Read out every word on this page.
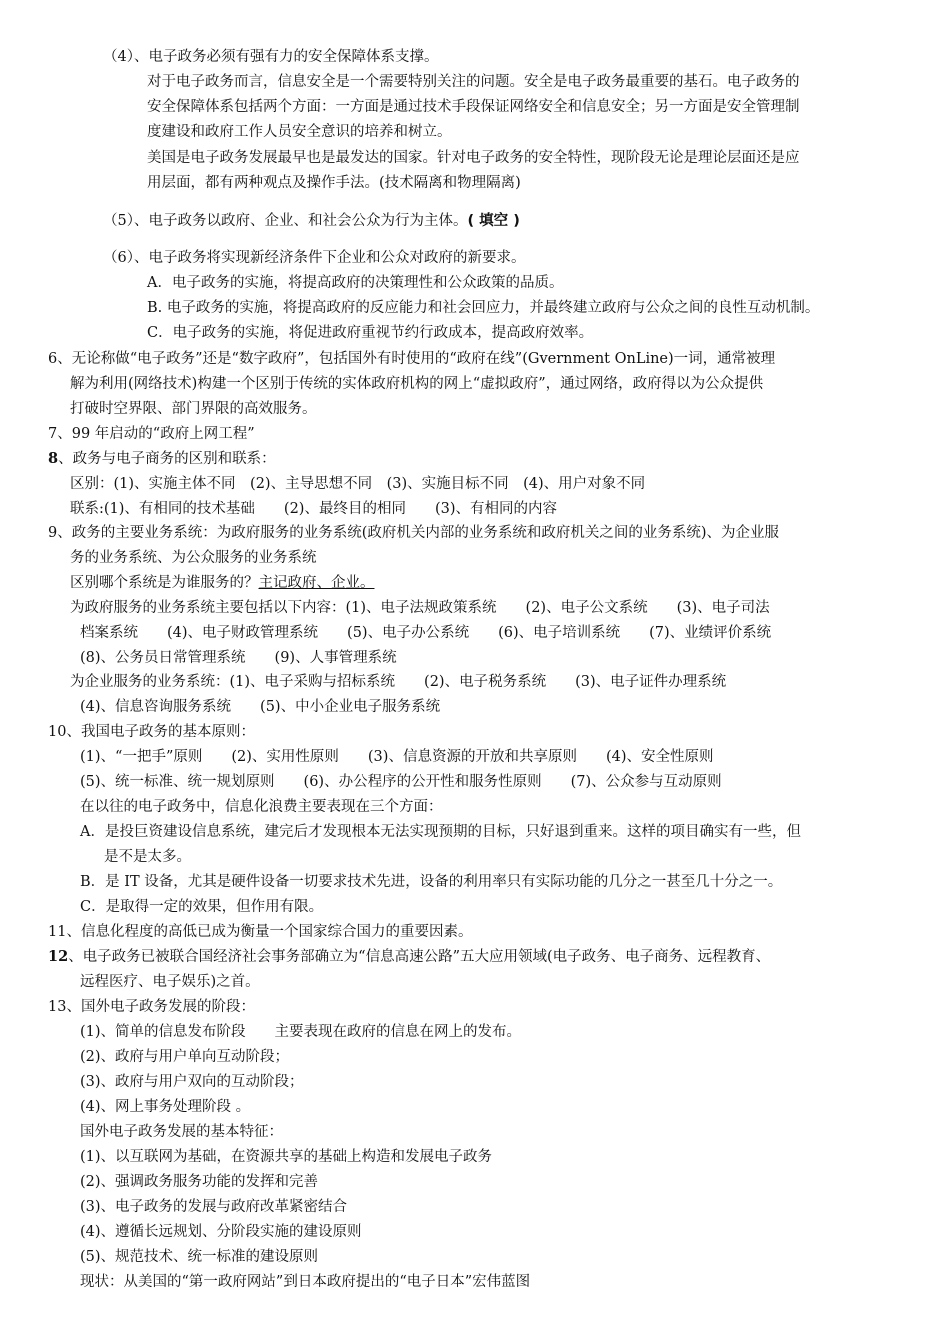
（4）、电子政务必须有强有力的安全保障体系支撑。
对于电子政务而言，信息安全是一个需要特别关注的问题。安全是电子政务最重要的基石。电子政务的
安全保障体系包括两个方面：一方面是通过技术手段保证网络安全和信息安全；另一方面是安全管理制
度建设和政府工作人员安全意识的培养和树立。
美国是电子政务发展最早也是最发达的国家。针对电子政务的安全特性，现阶段无论是理论层面还是应
用层面，都有两种观点及操作手法。(技术隔离和物理隔离)
（5）、电子政务以政府、企业、和社会公众为行为主体。( 填空 )
（6）、电子政务将实现新经济条件下企业和公众对政府的新要求。
A．电子政务的实施，将提高政府的决策理性和公众政策的品质。
B. 电子政务的实施，将提高政府的反应能力和社会回应力，并最终建立政府与公众之间的良性互动机制。
C．电子政务的实施，将促进政府重视节约行政成本，提高政府效率。
6、无论称做“电子政务”还是“数字政府”，包括国外有时使用的“政府在线”(Gvernment OnLine)一词，通常被理
解为利用(网络技术)构建一个区别于传统的实体政府机构的网上“虚拟政府”，通过网络，政府得以为公众提供
打破时空界限、部门界限的高效服务。
7、99 年启动的“政府上网工程”
8、政务与电子商务的区别和联系：
区别：(1)、实施主体不同　(2)、主导思想不同　(3)、实施目标不同　(4)、用户对象不同
联系:(1)、有相同的技术基础　　(2)、最终目的相同　　(3)、有相同的内容
9、政务的主要业务系统：为政府服务的业务系统(政府机关内部的业务系统和政府机关之间的业务系统)、为企业服
务的业务系统、为公众服务的业务系统
区别哪个系统是为谁服务的？主记政府、企业。
为政府服务的业务系统主要包括以下内容：(1)、电子法规政策系统　　(2)、电子公文系统　　(3)、电子司法
档案系统　　(4)、电子财政管理系统　　(5)、电子办公系统　　(6)、电子培训系统　　(7)、业绩评价系统
(8)、公务员日常管理系统　　(9)、人事管理系统
为企业服务的业务系统：(1)、电子采购与招标系统　　(2)、电子税务系统　　(3)、电子证件办理系统
(4)、信息咨询服务系统　　(5)、中小企业电子服务系统
10、我国电子政务的基本原则：
(1)、“一把手”原则　　(2)、实用性原则　　(3)、信息资源的开放和共享原则　　(4)、安全性原则
(5)、统一标准、统一规划原则　　(6)、办公程序的公开性和服务性原则　　(7)、公众参与互动原则
在以往的电子政务中，信息化浪费主要表现在三个方面：
A．是投巨资建设信息系统，建完后才发现根本无法实现预期的目标，只好退到重来。这样的项目确实有一些，但
是不是太多。
B．是 IT 设备，尤其是硬件设备一切要求技术先进，设备的利用率只有实际功能的几分之一甚至几十分之一。
C．是取得一定的效果，但作用有限。
11、信息化程度的高低已成为衡量一个国家综合国力的重要因素。
12、电子政务已被联合国经济社会事务部确立为“信息高速公路”五大应用领域(电子政务、电子商务、远程教育、
远程医疗、电子娱乐)之首。
13、国外电子政务发展的阶段：
(1)、简单的信息发布阶段　　主要表现在政府的信息在网上的发布。
(2)、政府与用户单向互动阶段；
(3)、政府与用户双向的互动阶段；
(4)、网上事务处理阶段 。
国外电子政务发展的基本特征：
(1)、以互联网为基础，在资源共享的基础上构造和发展电子政务
(2)、强调政务服务功能的发挥和完善
(3)、电子政务的发展与政府改革紧密结合
(4)、遵循长远规划、分阶段实施的建设原则
(5)、规范技术、统一标准的建设原则
现状：从美国的“第一政府网站”到日本政府提出的“电子日本”宏伟蓝图
